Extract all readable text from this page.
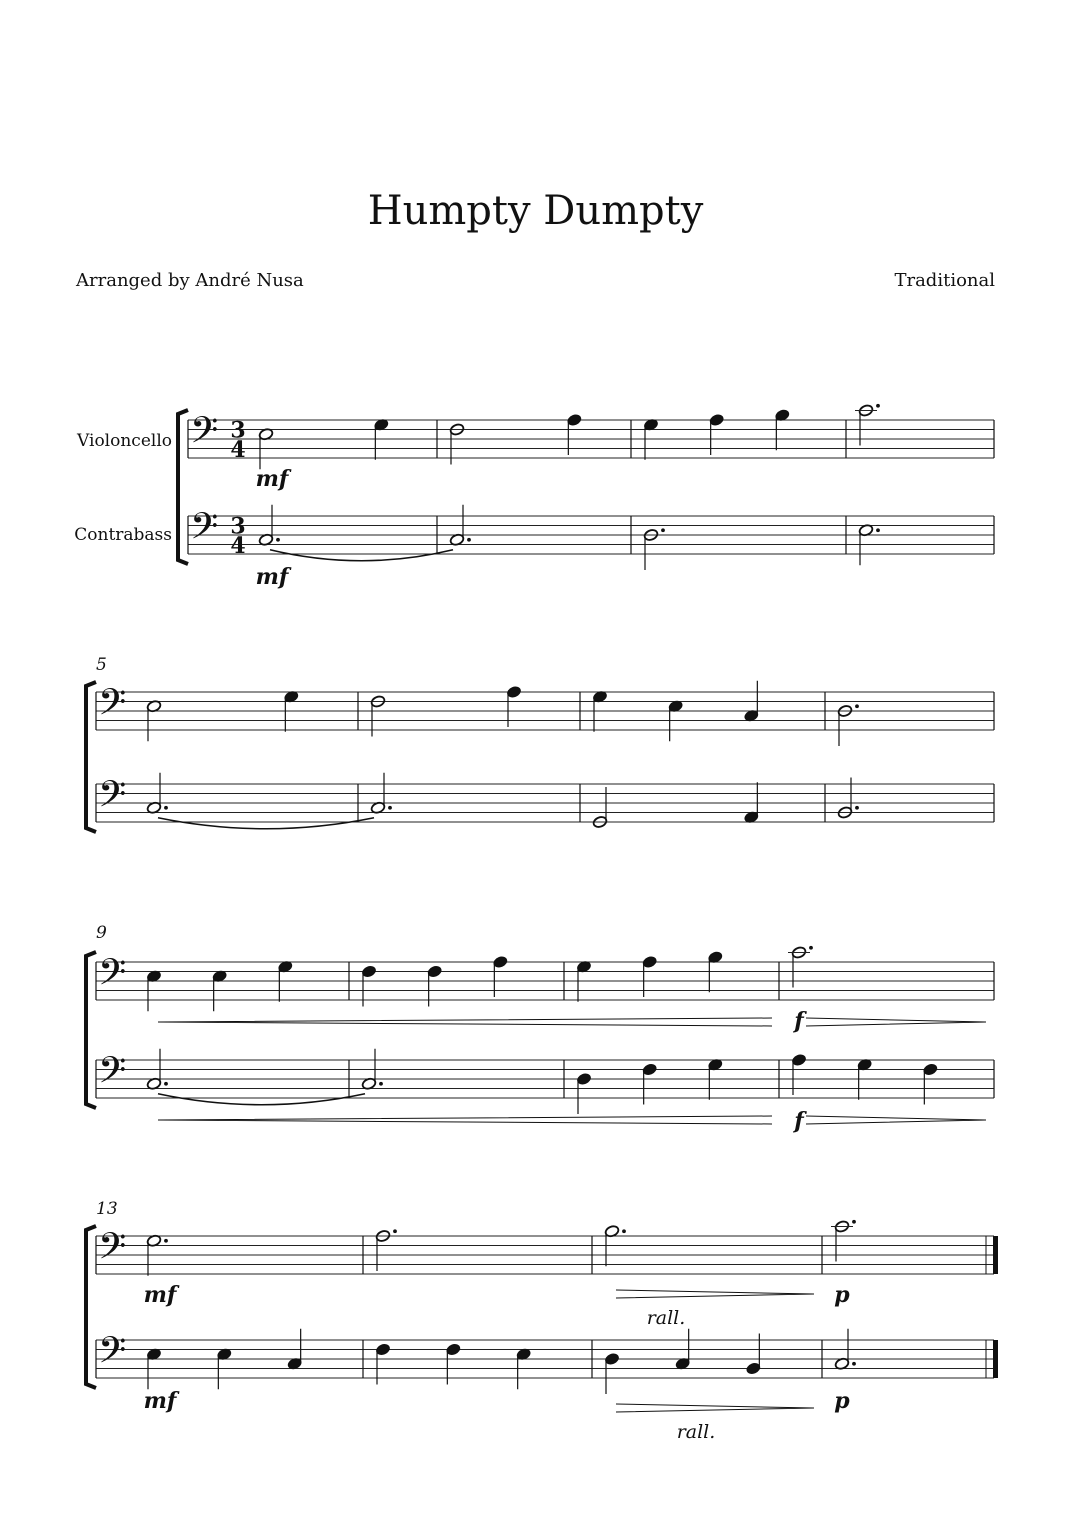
Humpty Dumpty
Arranged by André Nusa	Traditional
Violoncello
Contrabass
5
9
13
𝄢
𝄢
3
4
3
4
mf
mf
𝄢
𝄢
𝄢
𝄢
f
f
𝄢
𝄢
mf	p
mf	p
rall.
rall.
